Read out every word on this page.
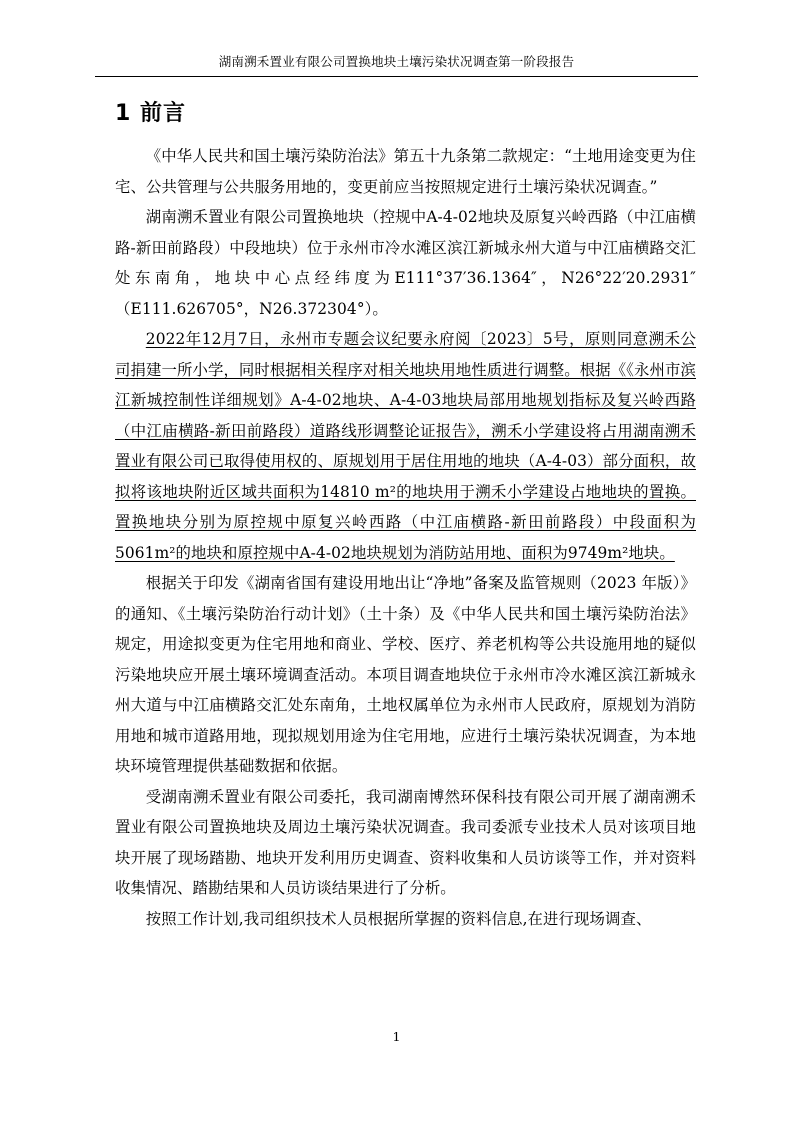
湖南溯禾置业有限公司置换地块土壤污染状况调查第一阶段报告
1 前言

《中华人民共和国土壤污染防治法》第五十九条第二款规定：“土地用途变更为住宅、公共管理与公共服务用地的，变更前应当按照规定进行土壤污染状况调查。”

湖南溯禾置业有限公司置换地块（控规中A-4-02地块及原复兴岭西路（中江庙横路-新田前路段）中段地块）位于永州市冷水滩区滨江新城永州大道与中江庙横路交汇处东南角，地块中心点经纬度为E111°37′36.1364″，N26°22′20.2931″（E111.626705°，N26.372304°）。

2022年12月7日，永州市专题会议纪要永府阅〔2023〕5号，原则同意溯禾公司捐建一所小学，同时根据相关程序对相关地块用地性质进行调整。根据《《永州市滨江新城控制性详细规划》A-4-02地块、A-4-03地块局部用地规划指标及复兴岭西路（中江庙横路-新田前路段）道路线形调整论证报告》，溯禾小学建设将占用湖南溯禾置业有限公司已取得使用权的、原规划用于居住用地的地块（A-4-03）部分面积，故拟将该地块附近区域共面积为14810 m²的地块用于溯禾小学建设占地地块的置换。置换地块分别为原控规中原复兴岭西路（中江庙横路-新田前路段）中段面积为5061m²的地块和原控规中A-4-02地块规划为消防站用地、面积为9749m²地块。

根据关于印发《湖南省国有建设用地出让“净地”备案及监管规则（2023 年版）》的通知、《土壤污染防治行动计划》（土十条）及《中华人民共和国土壤污染防治法》规定，用途拟变更为住宅用地和商业、学校、医疗、养老机构等公共设施用地的疑似污染地块应开展土壤环境调查活动。本项目调查地块位于永州市冷水滩区滨江新城永州大道与中江庙横路交汇处东南角，土地权属单位为永州市人民政府，原规划为消防用地和城市道路用地，现拟规划用途为住宅用地，应进行土壤污染状况调查，为本地块环境管理提供基础数据和依据。

受湖南溯禾置业有限公司委托，我司湖南博然环保科技有限公司开展了湖南溯禾置业有限公司置换地块及周边土壤污染状况调查。我司委派专业技术人员对该项目地块开展了现场踏勘、地块开发利用历史调查、资料收集和人员访谈等工作，并对资料收集情况、踏勘结果和人员访谈结果进行了分析。

按照工作计划,我司组织技术人员根据所掌握的资料信息,在进行现场调查、

1
